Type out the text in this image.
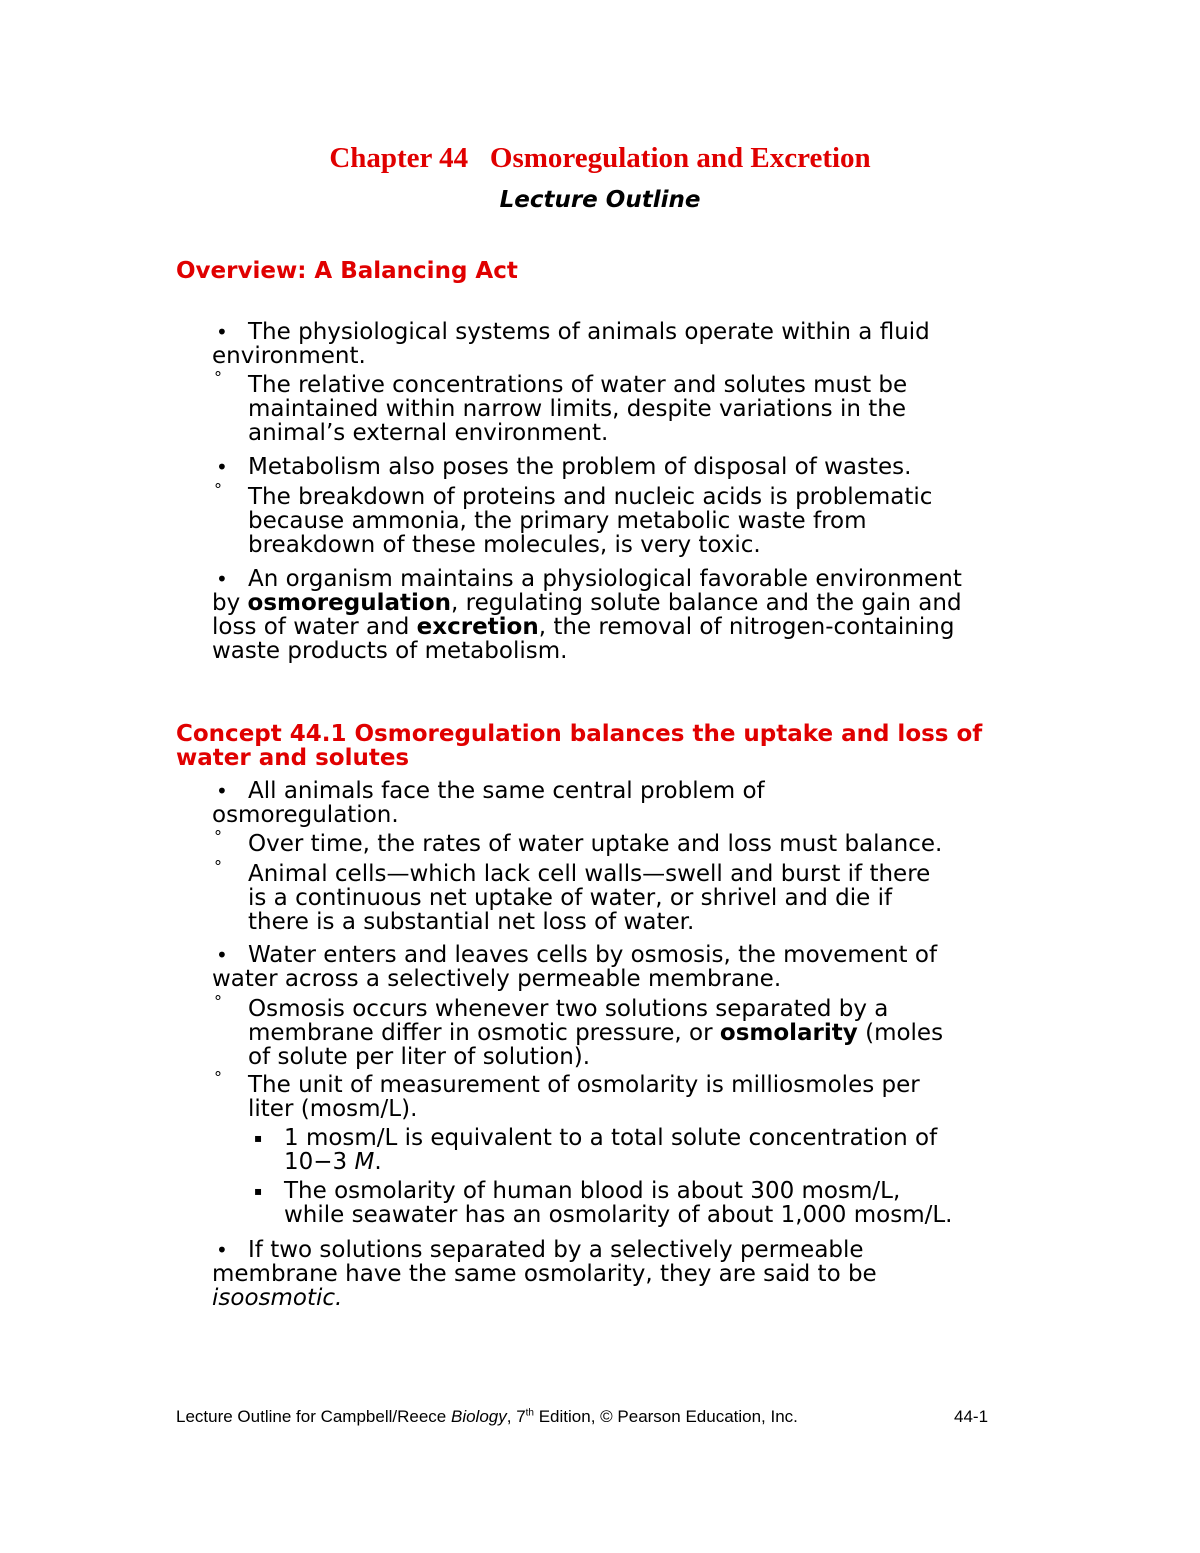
Chapter 44   Osmoregulation and Excretion
Lecture Outline
Overview: A Balancing Act
• The physiological systems of animals operate within a fluid
environment.

° The relative concentrations of water and solutes must be
maintained within narrow limits, despite variations in the
animal’s external environment.

• Metabolism also poses the problem of disposal of wastes.

° The breakdown of proteins and nucleic acids is problematic
because ammonia, the primary metabolic waste from
breakdown of these molecules, is very toxic.

• An organism maintains a physiological favorable environment
by osmoregulation, regulating solute balance and the gain and
loss of water and excretion, the removal of nitrogen-containing
waste products of metabolism.

Concept 44.1 Osmoregulation balances the uptake and loss of water and solutes
• All animals face the same central problem of
osmoregulation.

° Over time, the rates of water uptake and loss must balance.

° Animal cells—which lack cell walls—swell and burst if there
is a continuous net uptake of water, or shrivel and die if
there is a substantial net loss of water.

• Water enters and leaves cells by osmosis, the movement of
water across a selectively permeable membrane.

° Osmosis occurs whenever two solutions separated by a
membrane differ in osmotic pressure, or osmolarity (moles
of solute per liter of solution).

° The unit of measurement of osmolarity is milliosmoles per
liter (mosm/L).

▪ 1 mosm/L is equivalent to a total solute concentration of
10−3 M.

▪ The osmolarity of human blood is about 300 mosm/L,
while seawater has an osmolarity of about 1,000 mosm/L.

• If two solutions separated by a selectively permeable
membrane have the same osmolarity, they are said to be
isoosmotic.

Lecture Outline for Campbell/Reece Biology, 7th Edition, © Pearson Education, Inc.	44-1
